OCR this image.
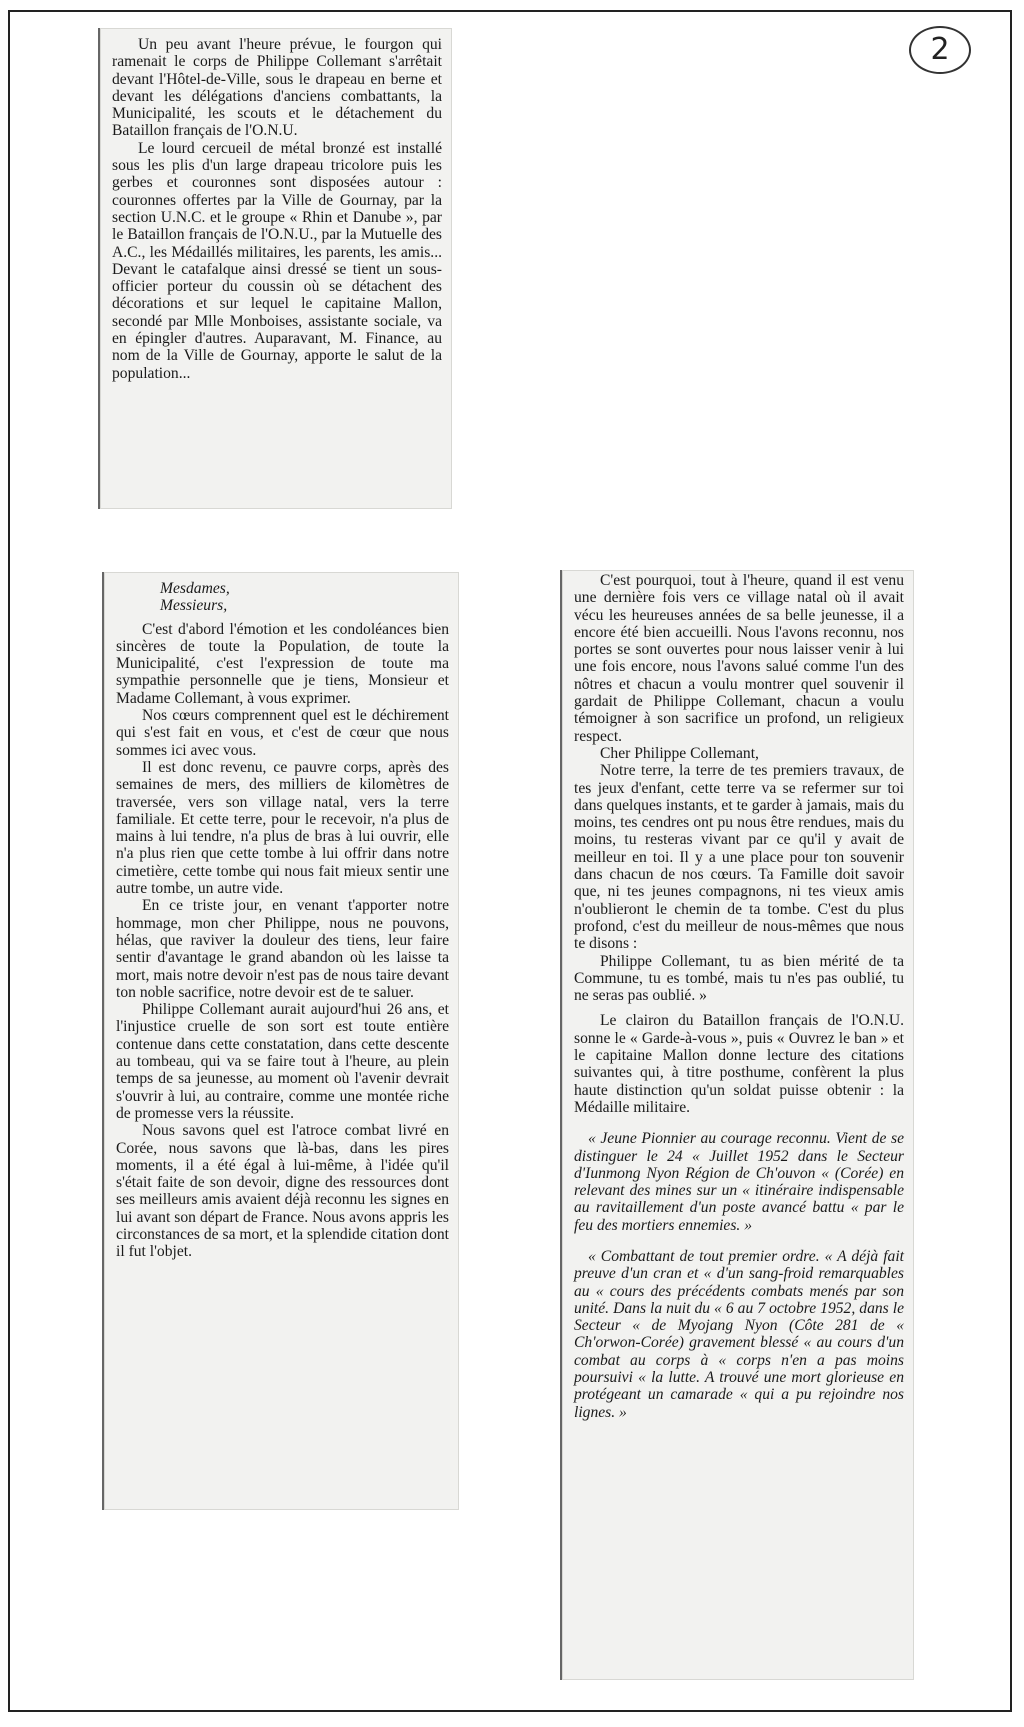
2

Un peu avant l'heure prévue, le fourgon qui ramenait le corps de Philippe Collemant s'arrêtait devant l'Hôtel-de-Ville, sous le drapeau en berne et devant les délégations d'anciens combattants, la Municipalité, les scouts et le détachement du Bataillon français de l'O.N.U.

Le lourd cercueil de métal bronzé est installé sous les plis d'un large drapeau tricolore puis les gerbes et couronnes sont disposées autour : couronnes offertes par la Ville de Gournay, par la section U.N.C. et le groupe « Rhin et Danube », par le Bataillon français de l'O.N.U., par la Mutuelle des A.C., les Médaillés militaires, les parents, les amis... Devant le catafalque ainsi dressé se tient un sous-officier porteur du coussin où se détachent des décorations et sur lequel le capitaine Mallon, secondé par Mlle Monboises, assistante sociale, va en épingler d'autres. Auparavant, M. Finance, au nom de la Ville de Gournay, apporte le salut de la population...

Mesdames,

Messieurs,

C'est d'abord l'émotion et les condoléances bien sincères de toute la Population, de toute la Municipalité, c'est l'expression de toute ma sympathie personnelle que je tiens, Monsieur et Madame Collemant, à vous exprimer.

Nos cœurs comprennent quel est le déchirement qui s'est fait en vous, et c'est de cœur que nous sommes ici avec vous.

Il est donc revenu, ce pauvre corps, après des semaines de mers, des milliers de kilomètres de traversée, vers son village natal, vers la terre familiale. Et cette terre, pour le recevoir, n'a plus de mains à lui tendre, n'a plus de bras à lui ouvrir, elle n'a plus rien que cette tombe à lui offrir dans notre cimetière, cette tombe qui nous fait mieux sentir une autre tombe, un autre vide.

En ce triste jour, en venant t'apporter notre hommage, mon cher Philippe, nous ne pouvons, hélas, que raviver la douleur des tiens, leur faire sentir d'avantage le grand abandon où les laisse ta mort, mais notre devoir n'est pas de nous taire devant ton noble sacrifice, notre devoir est de te saluer.

Philippe Collemant aurait aujourd'hui 26 ans, et l'injustice cruelle de son sort est toute entière contenue dans cette constatation, dans cette descente au tombeau, qui va se faire tout à l'heure, au plein temps de sa jeunesse, au moment où l'avenir devrait s'ouvrir à lui, au contraire, comme une montée riche de promesse vers la réussite.

Nous savons quel est l'atroce combat livré en Corée, nous savons que là-bas, dans les pires moments, il a été égal à lui-même, à l'idée qu'il s'était faite de son devoir, digne des ressources dont ses meilleurs amis avaient déjà reconnu les signes en lui avant son départ de France. Nous avons appris les circonstances de sa mort, et la splendide citation dont il fut l'objet.

C'est pourquoi, tout à l'heure, quand il est venu une dernière fois vers ce village natal où il avait vécu les heureuses années de sa belle jeunesse, il a encore été bien accueilli. Nous l'avons reconnu, nos portes se sont ouvertes pour nous laisser venir à lui une fois encore, nous l'avons salué comme l'un des nôtres et chacun a voulu montrer quel souvenir il gardait de Philippe Collemant, chacun a voulu témoigner à son sacrifice un profond, un religieux respect.

Cher Philippe Collemant,

Notre terre, la terre de tes premiers travaux, de tes jeux d'enfant, cette terre va se refermer sur toi dans quelques instants, et te garder à jamais, mais du moins, tes cendres ont pu nous être rendues, mais du moins, tu resteras vivant par ce qu'il y avait de meilleur en toi. Il y a une place pour ton souvenir dans chacun de nos cœurs. Ta Famille doit savoir que, ni tes jeunes compagnons, ni tes vieux amis n'oublieront le chemin de ta tombe. C'est du plus profond, c'est du meilleur de nous-mêmes que nous te disons :

Philippe Collemant, tu as bien mérité de ta Commune, tu es tombé, mais tu n'es pas oublié, tu ne seras pas oublié. »

Le clairon du Bataillon français de l'O.N.U. sonne le « Garde-à-vous », puis « Ouvrez le ban » et le capitaine Mallon donne lecture des citations suivantes qui, à titre posthume, confèrent la plus haute distinction qu'un soldat puisse obtenir : la Médaille militaire.

« Jeune Pionnier au courage reconnu. Vient de se distinguer le 24 « Juillet 1952 dans le Secteur d'Iunmong Nyon Région de Ch'ouvon « (Corée) en relevant des mines sur un « itinéraire indispensable au ravitaillement d'un poste avancé battu « par le feu des mortiers ennemies. »

« Combattant de tout premier ordre. « A déjà fait preuve d'un cran et « d'un sang-froid remarquables au « cours des précédents combats menés par son unité. Dans la nuit du « 6 au 7 octobre 1952, dans le Secteur « de Myojang Nyon (Côte 281 de « Ch'orwon-Corée) gravement blessé « au cours d'un combat au corps à « corps n'en a pas moins poursuivi « la lutte. A trouvé une mort glorieuse en protégeant un camarade « qui a pu rejoindre nos lignes. »
